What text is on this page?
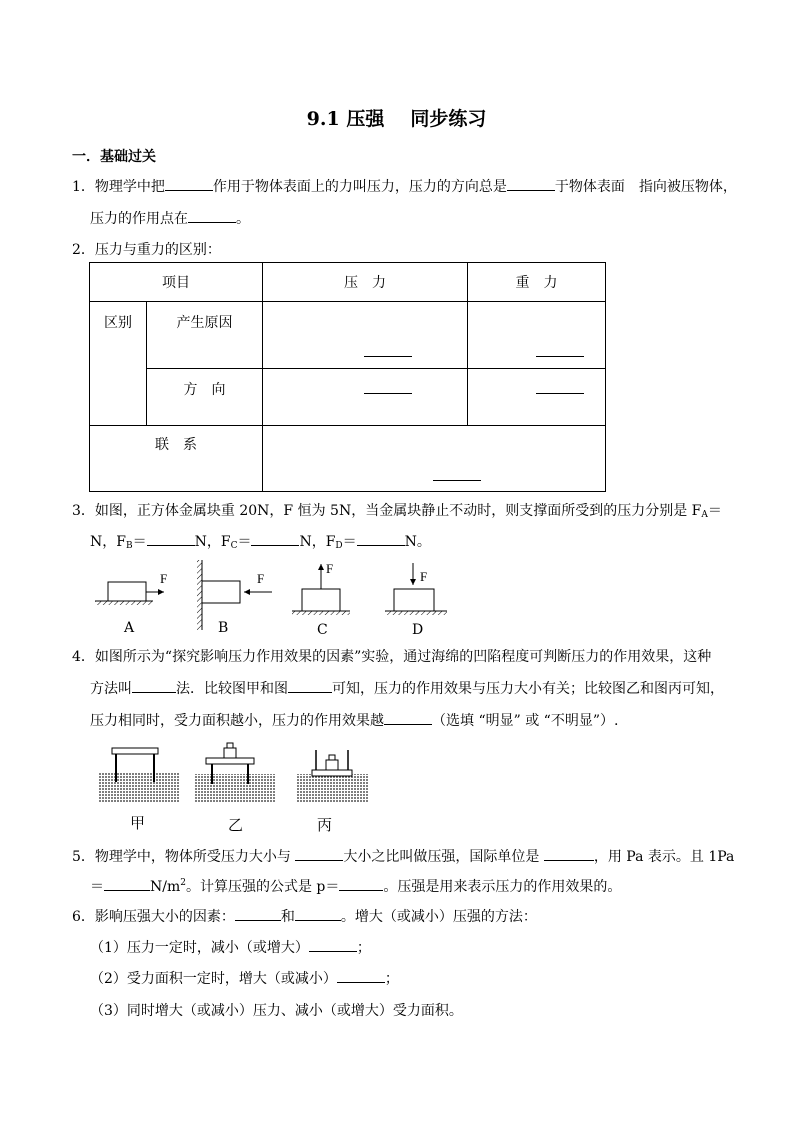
9.1 压强 同步练习
一．基础过关
1．物理学中把	作用于物体表面上的力叫压力，压力的方向总是	于物体表面　指向被压物体，
压力的作用点在	。
2．压力与重力的区别：
项目		压　力	重　力
区别	产生原因	

	方　向	

联　系			
3．如图，正方体金属块重 20N，F 恒为 5N，当金属块静止不动时，则支撑面所受到的压力分别是 $F_A=$
N，$F_B=$	N，$F_C=$	N，$F_D=$	N。
F	F
F
F
A	B	C	D
4．如图所示为“探究影响压力作用效果的因素”实验，通过海绵的凹陷程度可判断压力的作用效果，这种
方法叫	法．比较图甲和图	可知，压力的作用效果与压力大小有关；比较图乙和图丙可知，
压力相同时，受力面积越小，压力的作用效果越	（选填 “明显” 或 “不明显”）.
甲	乙	丙
5．物理学中，物体所受压力大小与	大小之比叫做压强，国际单位是	，用 Pa 表示。且 1Pa
＝	$N/m^2$。计算压强的公式是 p＝	。压强是用来表示压力的作用效果的。
6．影响压强大小的因素：	和	。增大（或减小）压强的方法：
（1）压力一定时，减小（或增大）	；
（2）受力面积一定时，增大（或减小）	；
（3）同时增大（或减小）压力、减小（或增大）受力面积。
